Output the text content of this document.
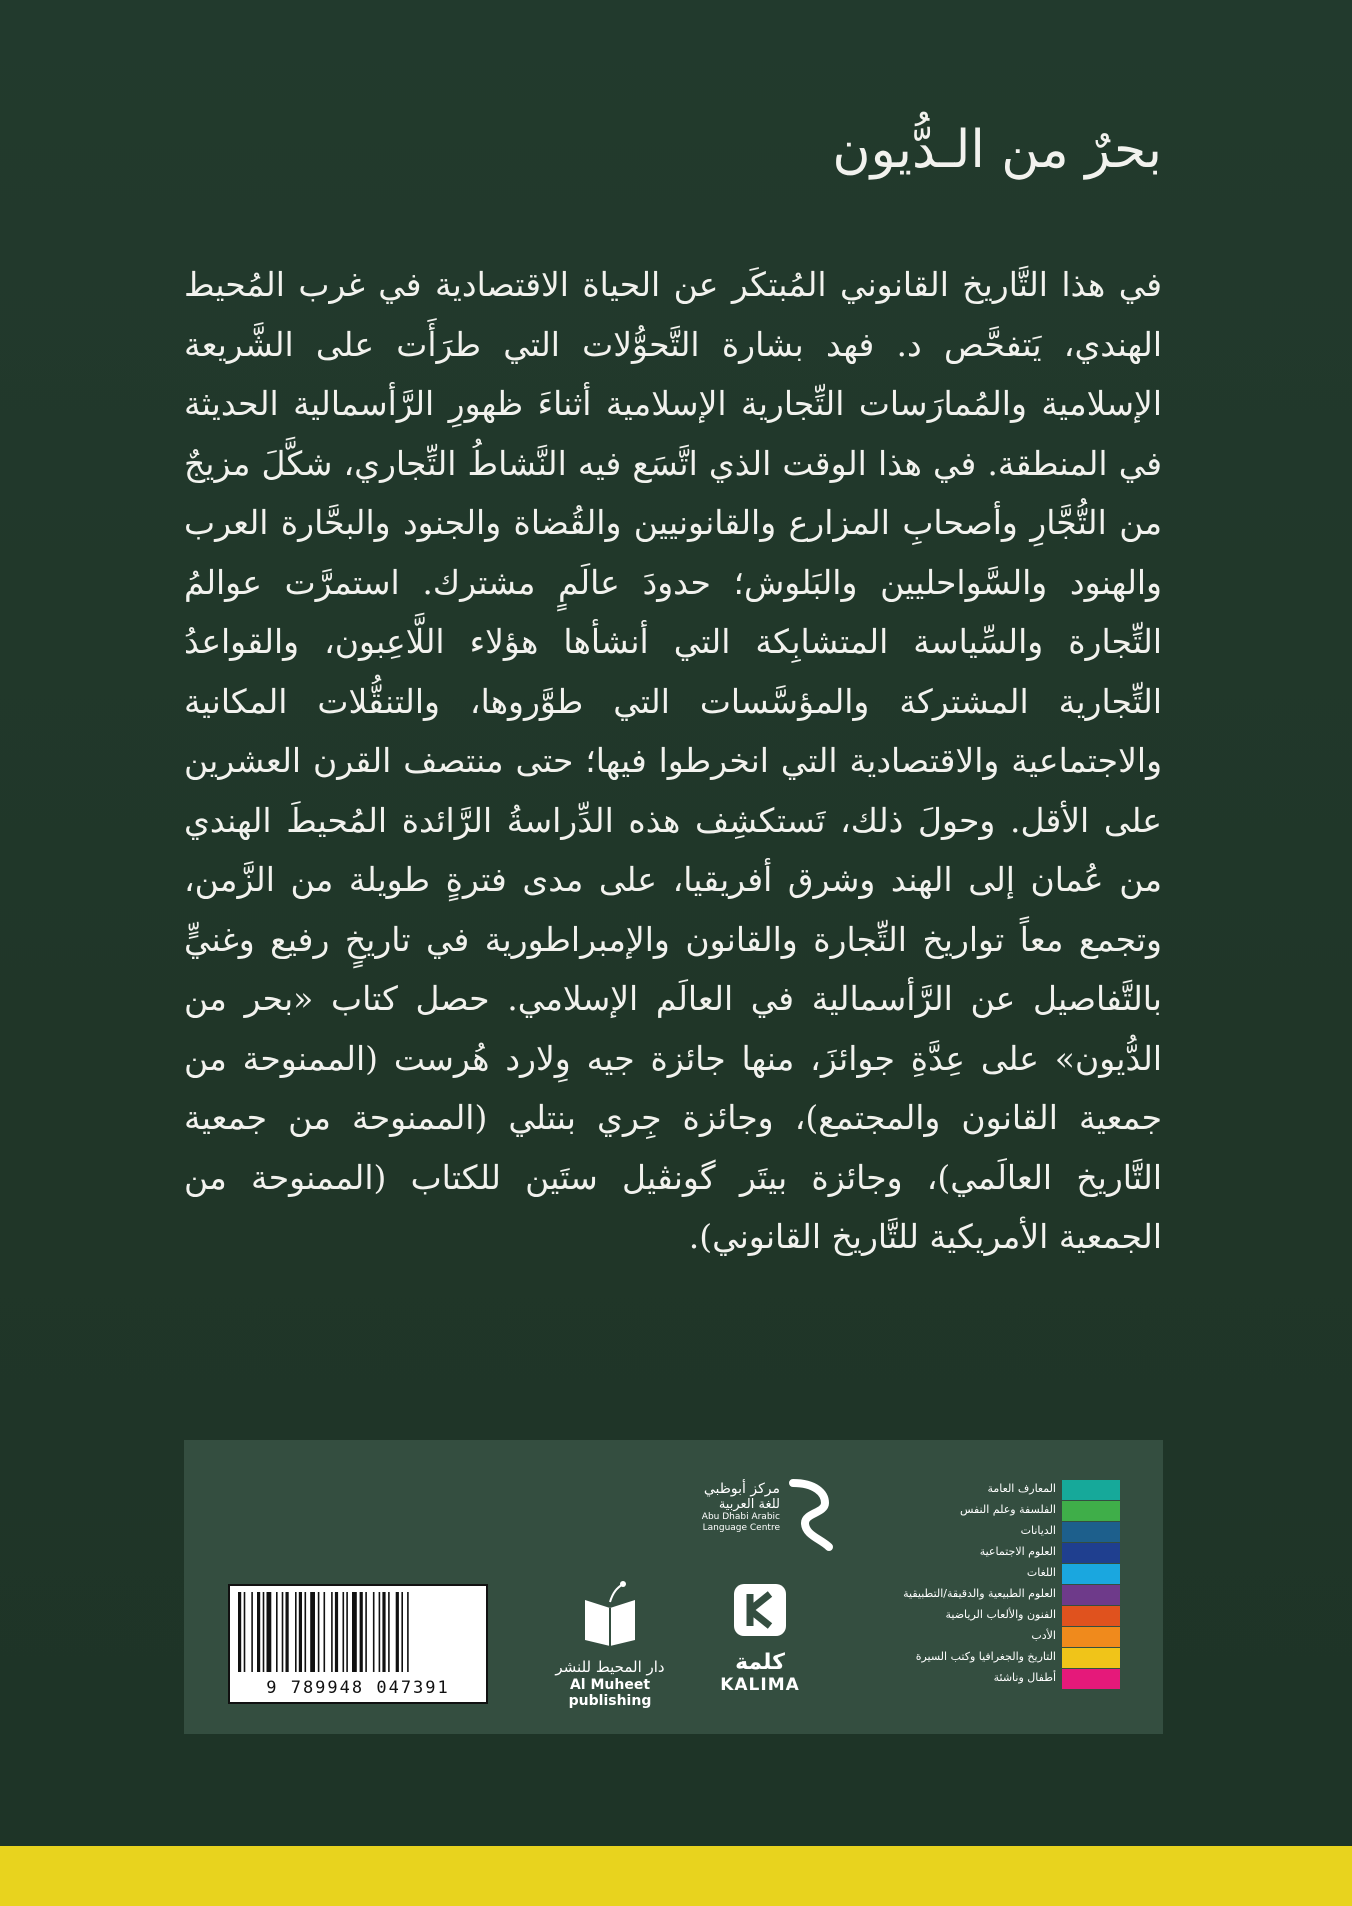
بحرٌ من الـدُّيون

في هذا التَّاريخ القانوني المُبتكَر عن الحياة الاقتصادية في غرب المُحيط الهندي، يَتفحَّص د. فهد بشارة التَّحوُّلات التي طرَأَت على الشَّريعة الإسلامية والمُمارَسات التِّجارية الإسلامية أثناءَ ظهورِ الرَّأسمالية الحديثة في المنطقة. في هذا الوقت الذي اتَّسَع فيه النَّشاطُ التِّجاري، شكَّلَ مزيجٌ من التُّجَّارِ وأصحابِ المزارع والقانونيين والقُضاة والجنود والبحَّارة العرب والهنود والسَّواحليين والبَلوش؛ حدودَ عالَمٍ مشترك. استمرَّت عوالمُ التِّجارة والسِّياسة المتشابِكة التي أنشأها هؤلاء اللَّاعِبون، والقواعدُ التِّجارية المشتركة والمؤسَّسات التي طوَّروها، والتنقُّلات المكانية والاجتماعية والاقتصادية التي انخرطوا فيها؛ حتى منتصف القرن العشرين على الأقل. وحولَ ذلك، تَستكشِف هذه الدِّراسةُ الرَّائدة المُحيطَ الهندي من عُمان إلى الهند وشرق أفريقيا، على مدى فترةٍ طويلة من الزَّمن، وتجمع معاً تواريخ التِّجارة والقانون والإمبراطورية في تاريخٍ رفيع وغنيٍّ بالتَّفاصيل عن الرَّأسمالية في العالَم الإسلامي. حصل كتاب «بحر من الدُّيون» على عِدَّةِ جوائزَ، منها جائزة جيه وِلارد هُرست (الممنوحة من جمعية القانون والمجتمع)، وجائزة جِري بنتلي (الممنوحة من جمعية التَّاريخ العالَمي)، وجائزة بيتَر گونڤيل ستَين للكتاب (الممنوحة من الجمعية الأمريكية للتَّاريخ القانوني).

9 789948 047391
دار المحيط للنشر
Al Muheet publishing
كلمة
KALIMA
مركز أبوظبي
للغة العربية
Abu Dhabi Arabic
Language Centre
المعارف العامة
الفلسفة وعلم النفس
الديانات
العلوم الاجتماعية
اللغات
العلوم الطبيعية والدقيقة/التطبيقية
الفنون والألعاب الرياضية
الأدب
التاريخ والجغرافيا وكتب السيرة
أطفال وناشئة
